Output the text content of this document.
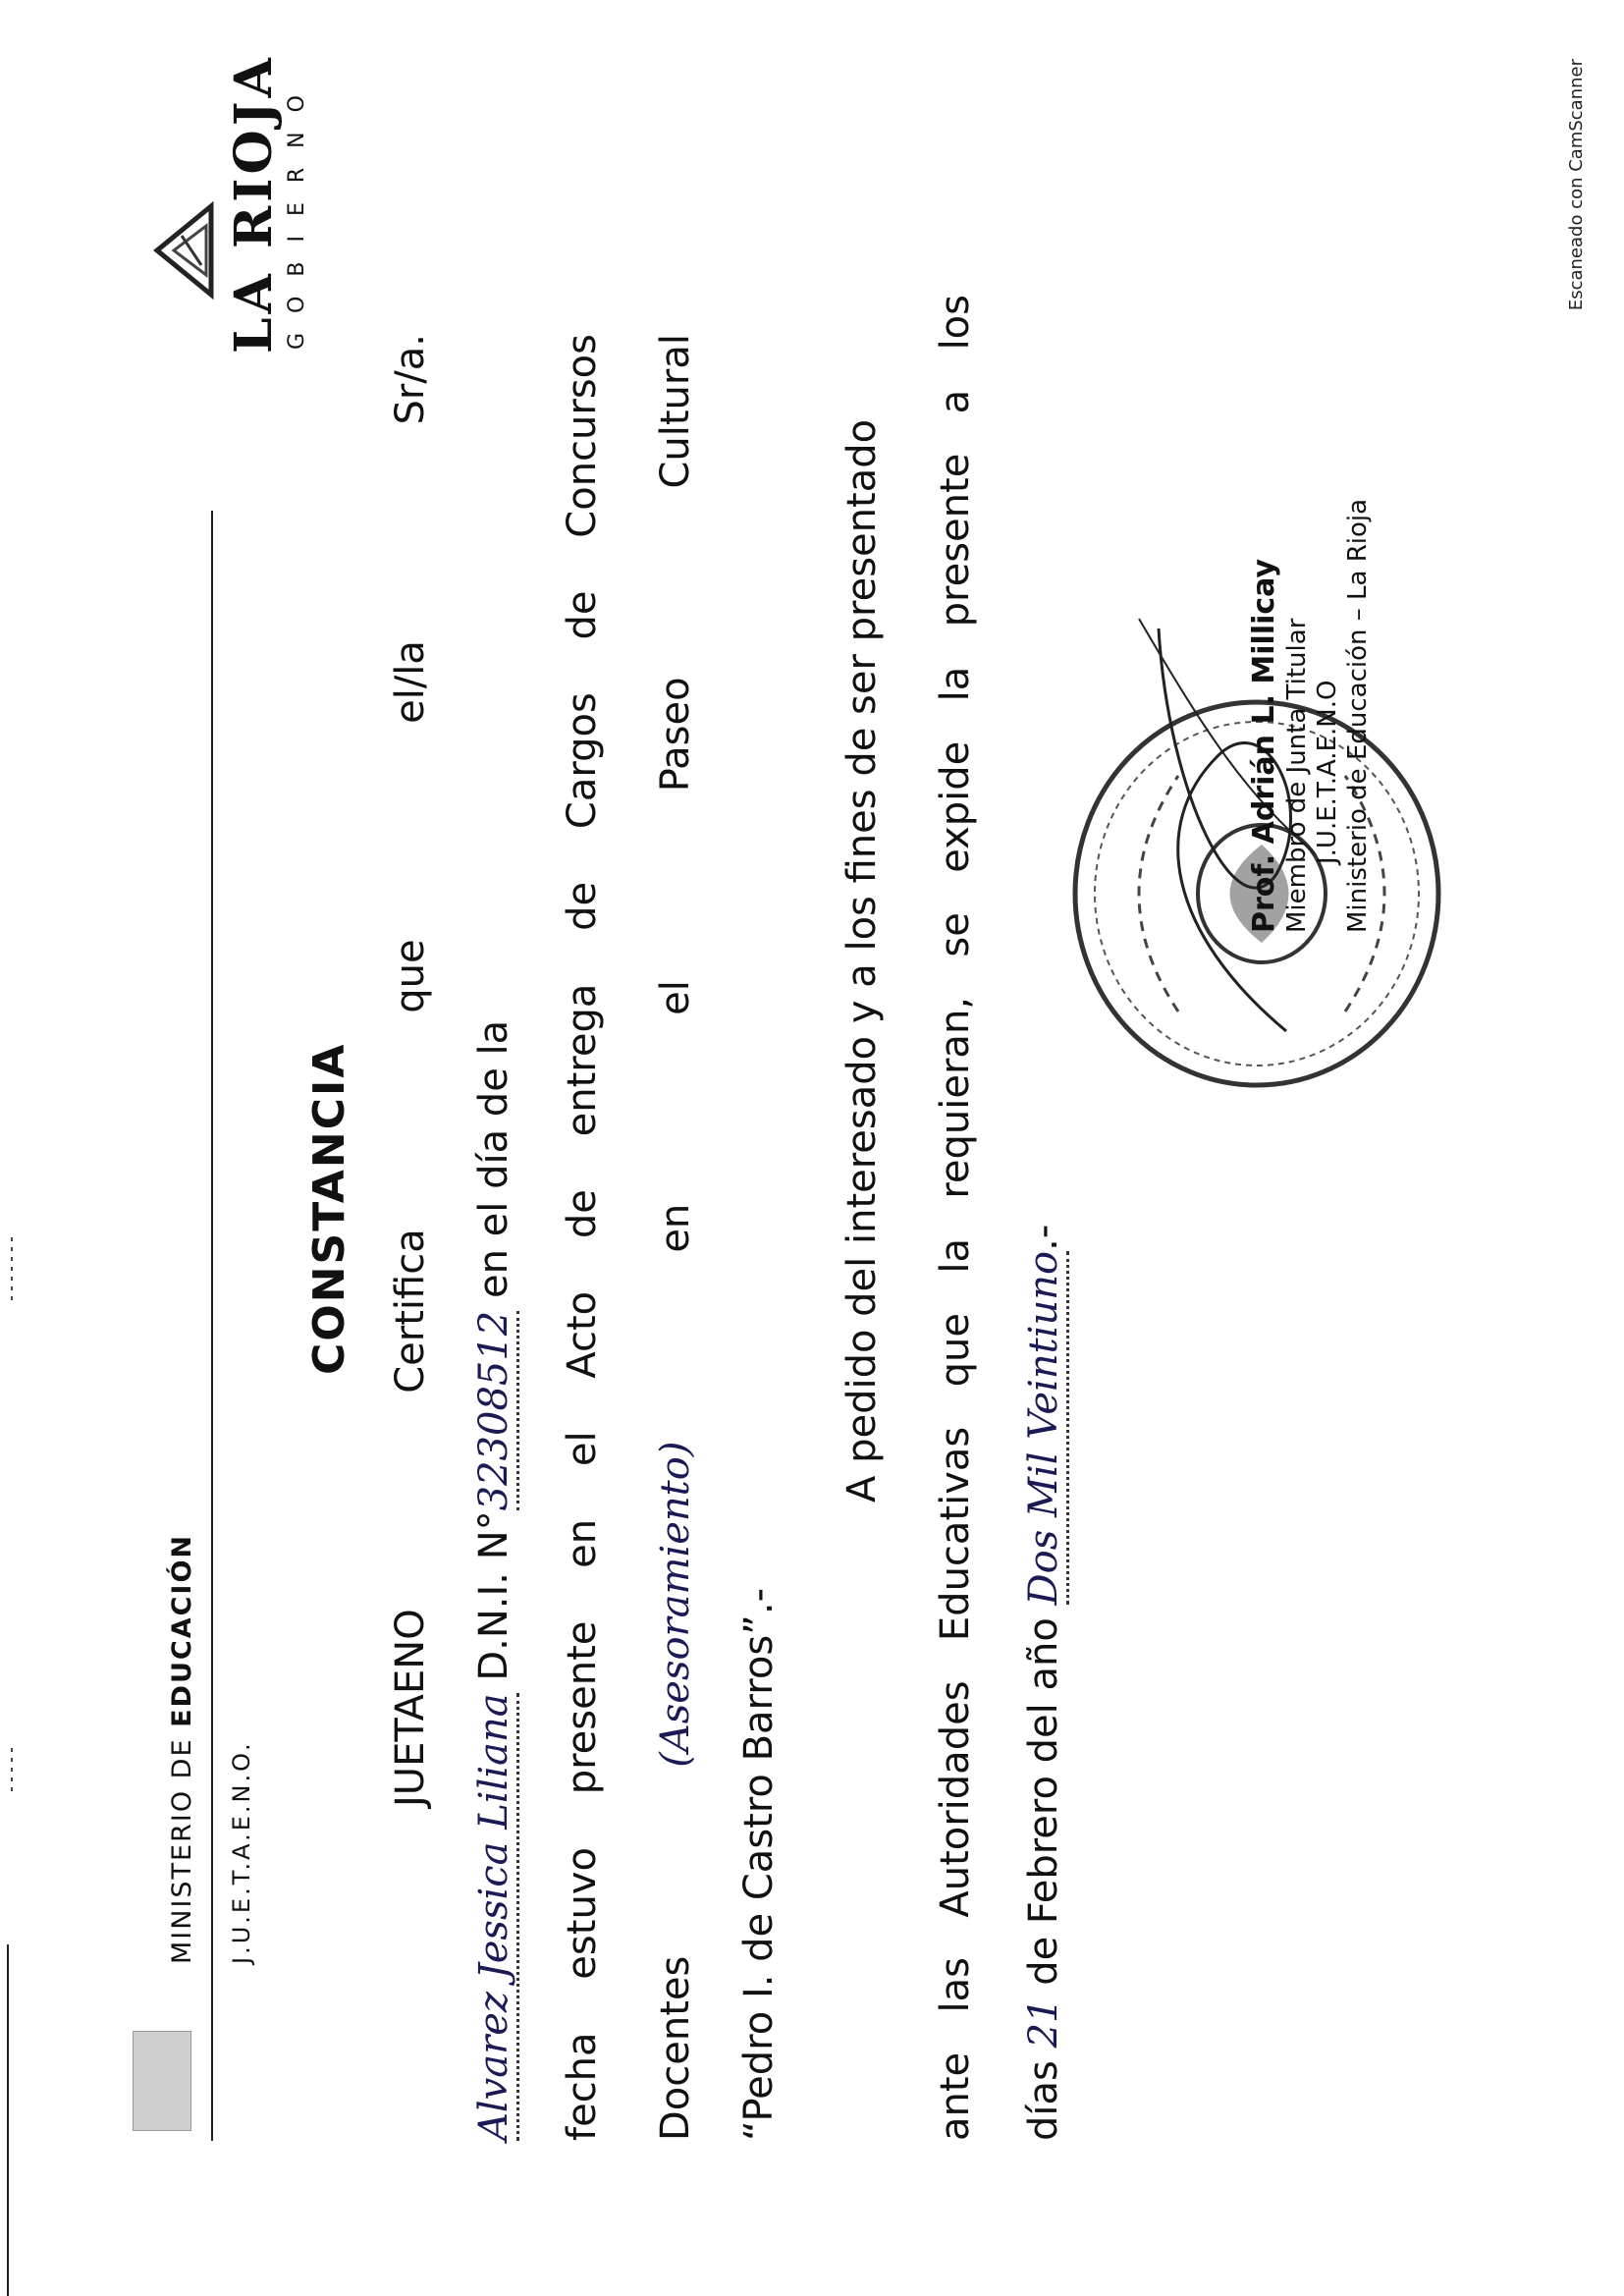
Escaneado con CamScanner
MINISTERIO DE EDUCACIÓN
J.U.E.T.A.E.N.O.
LA RIOJA GOBIERNO
CONSTANCIA
JUETAENO
Certifica
que
el/la
Sr/a.
Alvarez Jessica Liliana D.N.I. N°32308512 en el día de la fecha estuvo presente en el Acto de entrega de Cargos de Concursos Docentes
(Asesoramiento)
en
el
Paseo
Cultural
“Pedro I. de Castro Barros”.-
A pedido del interesado y a los fines de ser presentado ante las Autoridades Educativas que la requieran, se expide la presente a los días 21 de Febrero del año Dos Mil Veintiuno.-
Prof. Adrián L. Millicay Miembro de Junta Titular J.U.E.T.A.E.N.O Ministerio de Educación – La Rioja
